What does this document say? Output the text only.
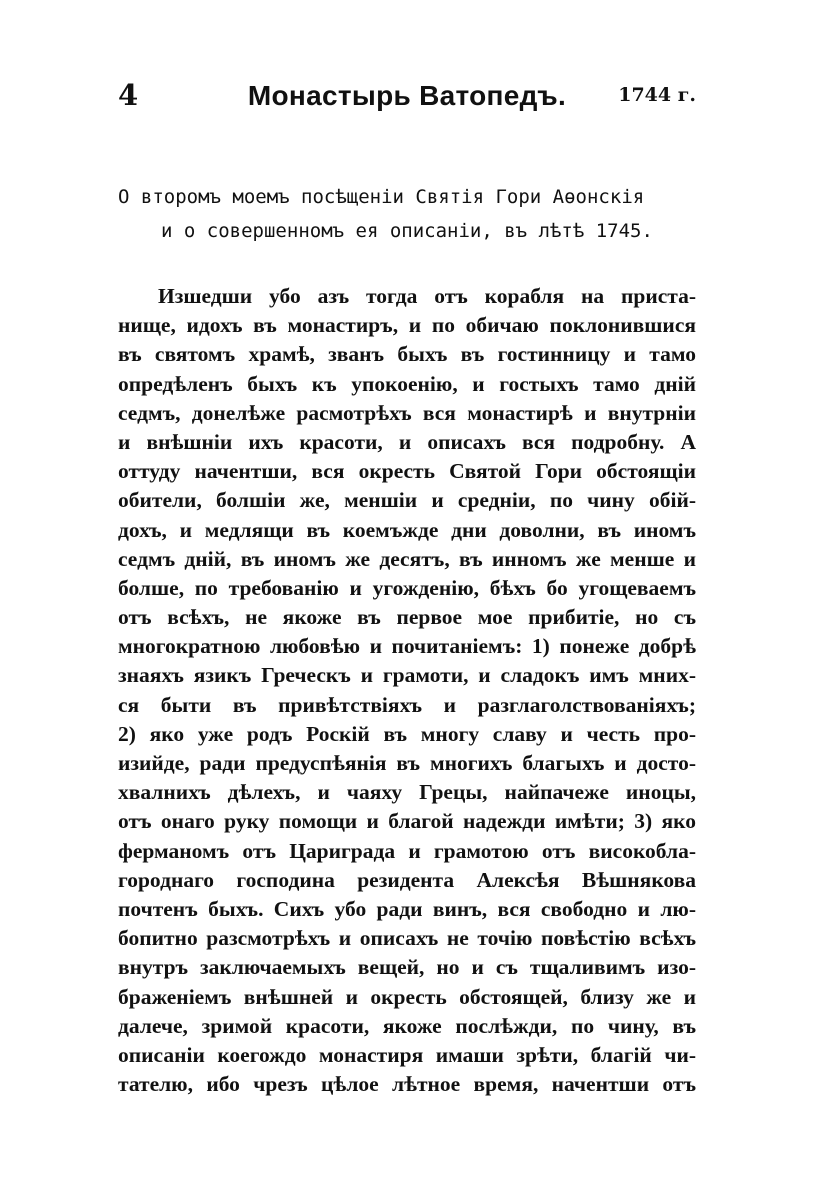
4	Монастырь Ватопедъ.	1744 г.
О второмъ моемъ посѣщеніи Святія Гори Аѳонскія
и о совершенномъ ея описаніи, въ лѣтѣ 1745.
Изшедши убо азъ тогда отъ корабля на приста-
нище, идохъ въ монастиръ, и по обичаю поклонившися
въ святомъ храмѣ, званъ быхъ въ гостинницу и тамо
опредѣленъ быхъ къ упокоенію, и гостыхъ тамо дній
седмъ, донелѣже расмотрѣхъ вся монастирѣ и внутрніи
и внѣшніи ихъ красоти, и описахъ вся подробну. А
оттуду начентши, вся окресть Святой Гори обстоящіи
обители, болшіи же, меншіи и средніи, по чину обій-
дохъ, и медлящи въ коемъжде дни доволни, въ иномъ
седмъ дній, въ иномъ же десятъ, въ инномъ же менше и
болше, по требованію и угожденію, бѣхъ бо угощеваемъ
отъ всѣхъ, не якоже въ первое мое прибитіе, но съ
многократною любовѣю и почитаніемъ: 1) понеже добрѣ
знаяхъ язикъ Греческъ и грамоти, и сладокъ имъ мних-
ся быти въ привѣтствіяхъ и разглаголствованіяхъ;
2) яко уже родъ Роскій въ многу славу и честь про-
изийде, ради предуспѣянія въ многихъ благыхъ и досто-
хвалнихъ дѣлехъ, и чаяху Грецы, найпачеже иноцы,
отъ онаго руку помощи и благой надежди имѣти; 3) яко
ферманомъ отъ Цариграда и грамотою отъ високобла-
городнаго господина резидента Алексѣя Вѣшнякова
почтенъ быхъ. Сихъ убо ради винъ, вся свободно и лю-
бопитно разсмотрѣхъ и описахъ не точію повѣстію всѣхъ
внутръ заключаемыхъ вещей, но и съ тщаливимъ изо-
браженіемъ внѣшней и окресть обстоящей, близу же и
далече, зримой красоти, якоже послѣжди, по чину, въ
описаніи коегождо монастиря имаши зрѣти, благій чи-
тателю, ибо чрезъ цѣлое лѣтное время, начентши отъ
